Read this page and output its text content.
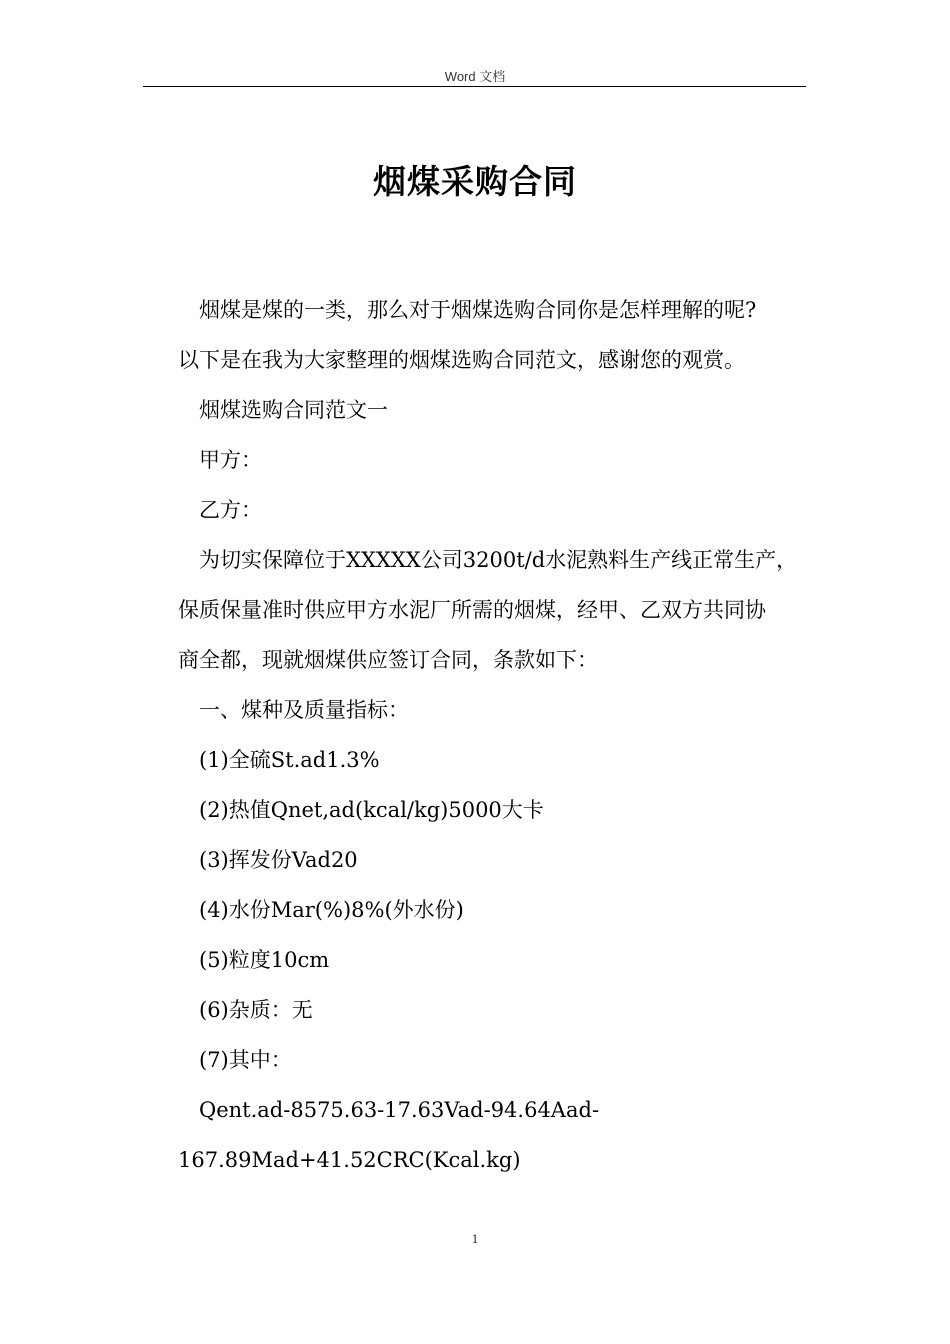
Word 文档
烟煤采购合同

烟煤是煤的一类，那么对于烟煤选购合同你是怎样理解的呢?

以下是在我为大家整理的烟煤选购合同范文，感谢您的观赏。

烟煤选购合同范文一

甲方：

乙方：

为切实保障位于XXXXX公司3200t/d水泥熟料生产线正常生产，

保质保量准时供应甲方水泥厂所需的烟煤，经甲、乙双方共同协

商全都，现就烟煤供应签订合同，条款如下：

一、煤种及质量指标：

(1)全硫St.ad1.3%

(2)热值Qnet,ad(kcal/kg)5000大卡

(3)挥发份Vad20

(4)水份Mar(%)8%(外水份)

(5)粒度10cm

(6)杂质：无

(7)其中：

Qent.ad-8575.63-17.63Vad-94.64Aad-

167.89Mad+41.52CRC(Kcal.kg)

1
